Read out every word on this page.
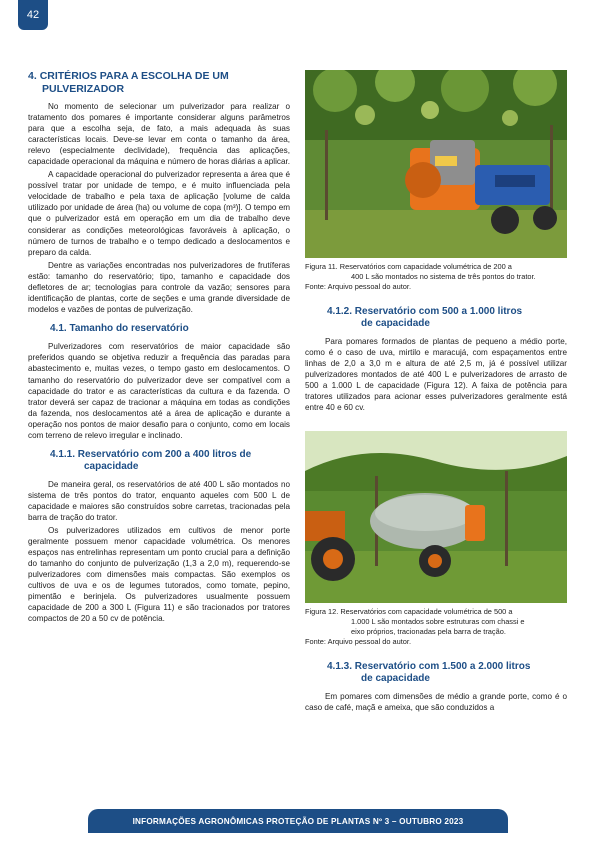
42
4. CRITÉRIOS PARA A ESCOLHA DE UM
PULVERIZADOR

No momento de selecionar um pulverizador para realizar o tratamento dos pomares é importante considerar alguns parâmetros para que a escolha seja, de fato, a mais adequada às suas características locais. Deve-se levar em conta o tamanho da área, relevo (especialmente declividade), frequência das aplicações, capacidade operacional da máquina e número de horas diárias a aplicar.

A capacidade operacional do pulverizador representa a área que é possível tratar por unidade de tempo, e é muito influenciada pela velocidade de trabalho e pela taxa de aplicação [volume de calda utilizado por unidade de área (ha) ou volume de copa (m³)]. O tempo em que o pulverizador está em operação em um dia de trabalho deve considerar as condições meteorológicas favoráveis à aplicação, o número de turnos de trabalho e o tempo dedicado a deslocamentos e preparo da calda.

Dentre as variações encontradas nos pulverizadores de frutíferas estão: tamanho do reservatório; tipo, tamanho e capacidade dos defletores de ar; tecnologias para controle da vazão; sensores para identificação de plantas, corte de seções e uma grande diversidade de modelos e vazões de pontas de pulverização.

4.1. Tamanho do reservatório

Pulverizadores com reservatórios de maior capacidade são preferidos quando se objetiva reduzir a frequência das paradas para abastecimento e, muitas vezes, o tempo gasto em deslocamentos. O tamanho do reservatório do pulverizador deve ser compatível com a capacidade do trator e as características da cultura e da fazenda. O trator deverá ser capaz de tracionar a máquina em todas as condições da fazenda, nos deslocamentos até a área de aplicação e durante a operação nos pontos de maior desafio para o conjunto, como em locais com terreno de relevo irregular e inclinado.

4.1.1. Reservatório com 200 a 400 litros de
capacidade

De maneira geral, os reservatórios de até 400 L são montados no sistema de três pontos do trator, enquanto aqueles com 500 L de capacidade e maiores são construídos sobre carretas, tracionadas pela barra de tração do trator.

Os pulverizadores utilizados em cultivos de menor porte geralmente possuem menor capacidade volumétrica. Os menores espaços nas entrelinhas representam um ponto crucial para a definição do tamanho do conjunto de pulverização (1,3 a 2,0 m), requerendo-se pulverizadores com dimensões mais compactas. São exemplos os cultivos de uva e os de legumes tutorados, como tomate, pepino, pimentão e berinjela. Os pulverizadores usualmente possuem capacidade de 200 a 300 L (Figura 11) e são tracionados por tratores compactos de 20 a 50 cv de potência.

Figura 11. Reservatórios com capacidade volumétrica de 200 a
400 L são montados no sistema de três pontos do trator.
Fonte: Arquivo pessoal do autor.
4.1.2. Reservatório com 500 a 1.000 litros
de capacidade

Para pomares formados de plantas de pequeno a médio porte, como é o caso de uva, mirtilo e maracujá, com espaçamentos entre linhas de 2,0 a 3,0 m e altura de até 2,5 m, já é possível utilizar pulverizadores montados de até 400 L e pulverizadores de arrasto de 500 a 1.000 L de capacidade (Figura 12). A faixa de potência para tratores utilizados para acionar esses pulverizadores geralmente está entre 40 e 60 cv.

Figura 12. Reservatórios com capacidade volumétrica de 500 a
1.000 L são montados sobre estruturas com chassi e
eixo próprios, tracionadas pela barra de tração.
Fonte: Arquivo pessoal do autor.
4.1.3. Reservatório com 1.500 a 2.000 litros
de capacidade

Em pomares com dimensões de médio a grande porte, como é o caso de café, maçã e ameixa, que são conduzidos a

INFORMAÇÕES AGRONÔMICAS PROTEÇÃO DE PLANTAS Nº 3 – OUTUBRO 2023
